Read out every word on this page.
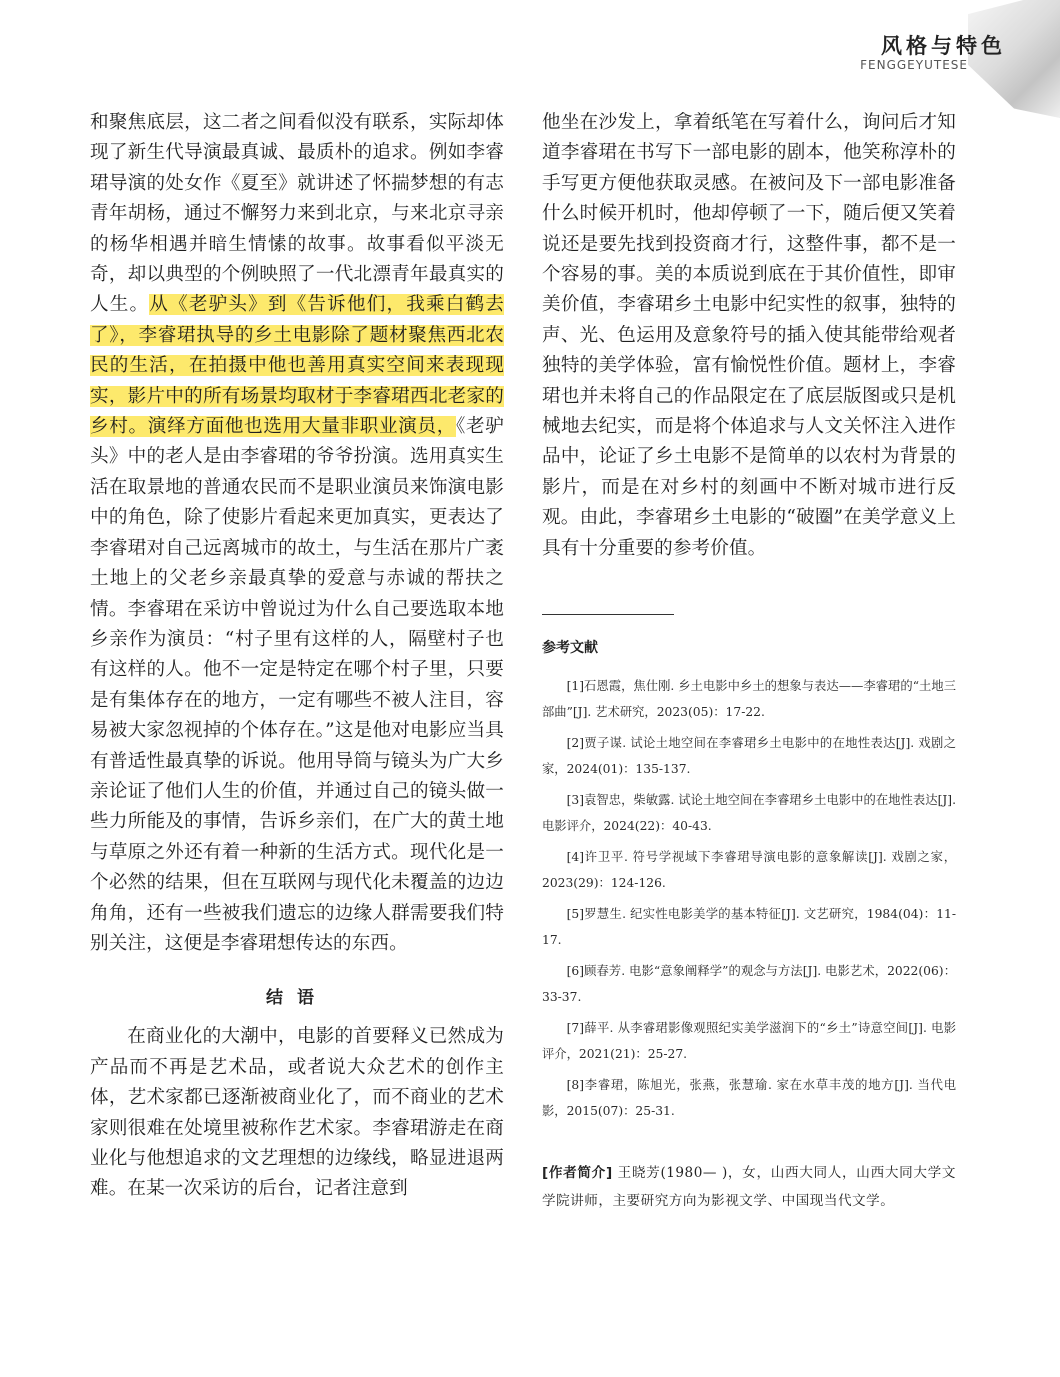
风格与特色
FENGGEYUTESE

和聚焦底层，这二者之间看似没有联系，实际却体现了新生代导演最真诚、最质朴的追求。例如李睿珺导演的处女作《夏至》就讲述了怀揣梦想的有志青年胡杨，通过不懈努力来到北京，与来北京寻亲的杨华相遇并暗生情愫的故事。故事看似平淡无奇，却以典型的个例映照了一代北漂青年最真实的人生。从《老驴头》到《告诉他们，我乘白鹤去了》，李睿珺执导的乡土电影除了题材聚焦西北农民的生活，在拍摄中他也善用真实空间来表现现实，影片中的所有场景均取材于李睿珺西北老家的乡村。演绎方面他也选用大量非职业演员，《老驴头》中的老人是由李睿珺的爷爷扮演。选用真实生活在取景地的普通农民而不是职业演员来饰演电影中的角色，除了使影片看起来更加真实，更表达了李睿珺对自己远离城市的故土，与生活在那片广袤土地上的父老乡亲最真挚的爱意与赤诚的帮扶之情。李睿珺在采访中曾说过为什么自己要选取本地乡亲作为演员：“村子里有这样的人，隔壁村子也有这样的人。他不一定是特定在哪个村子里，只要是有集体存在的地方，一定有哪些不被人注目，容易被大家忽视掉的个体存在。”这是他对电影应当具有普适性最真挚的诉说。他用导筒与镜头为广大乡亲论证了他们人生的价值，并通过自己的镜头做一些力所能及的事情，告诉乡亲们，在广大的黄土地与草原之外还有着一种新的生活方式。现代化是一个必然的结果，但在互联网与现代化未覆盖的边边角角，还有一些被我们遗忘的边缘人群需要我们特别关注，这便是李睿珺想传达的东西。

结语

在商业化的大潮中，电影的首要释义已然成为产品而不再是艺术品，或者说大众艺术的创作主体，艺术家都已逐渐被商业化了，而不商业的艺术家则很难在处境里被称作艺术家。李睿珺游走在商业化与他想追求的文艺理想的边缘线，略显进退两难。在某一次采访的后台，记者注意到

他坐在沙发上，拿着纸笔在写着什么，询问后才知道李睿珺在书写下一部电影的剧本，他笑称淳朴的手写更方便他获取灵感。在被问及下一部电影准备什么时候开机时，他却停顿了一下，随后便又笑着说还是要先找到投资商才行，这整件事，都不是一个容易的事。美的本质说到底在于其价值性，即审美价值，李睿珺乡土电影中纪实性的叙事，独特的声、光、色运用及意象符号的插入使其能带给观者独特的美学体验，富有愉悦性价值。题材上，李睿珺也并未将自己的作品限定在了底层版图或只是机械地去纪实，而是将个体追求与人文关怀注入进作品中，论证了乡土电影不是简单的以农村为背景的影片，而是在对乡村的刻画中不断对城市进行反观。由此，李睿珺乡土电影的“破圈”在美学意义上具有十分重要的参考价值。

参考文献

[1]石恩霞，焦仕刚. 乡土电影中乡土的想象与表达——李睿珺的“土地三部曲”[J]. 艺术研究，2023(05)：17-22.

[2]贾子谋. 试论土地空间在李睿珺乡土电影中的在地性表达[J]. 戏剧之家，2024(01)：135-137.

[3]袁智忠，柴敏露. 试论土地空间在李睿珺乡土电影中的在地性表达[J]. 电影评介，2024(22)：40-43.

[4]许卫平. 符号学视域下李睿珺导演电影的意象解读[J]. 戏剧之家，2023(29)：124-126.

[5]罗慧生. 纪实性电影美学的基本特征[J]. 文艺研究，1984(04)：11-17.

[6]顾春芳. 电影“意象阐释学”的观念与方法[J]. 电影艺术，2022(06)：33-37.

[7]薛平. 从李睿珺影像观照纪实美学滋润下的“乡土”诗意空间[J]. 电影评介，2021(21)：25-27.

[8]李睿珺，陈旭光，张燕，张慧瑜. 家在水草丰茂的地方[J]. 当代电影，2015(07)：25-31.

[作者简介] 王晓芳(1980— )，女，山西大同人，山西大同大学文学院讲师，主要研究方向为影视文学、中国现当代文学。
